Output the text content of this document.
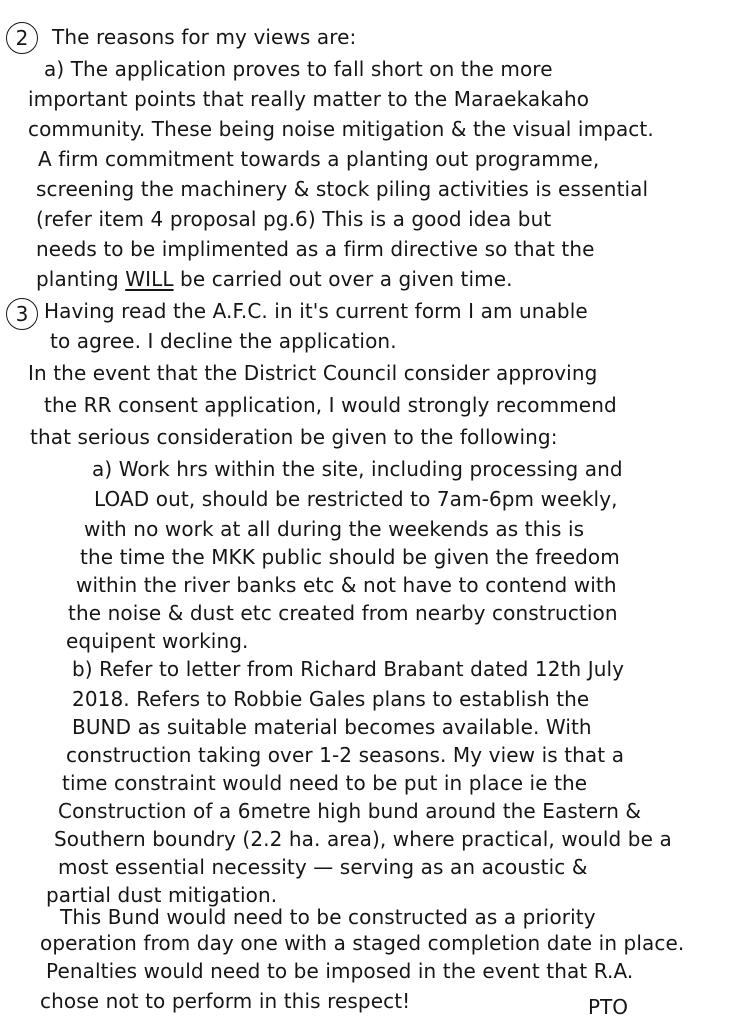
2	The reasons for my views are:
a) The application proves to fall short on the more
important points that really matter to the Maraekakaho
community. These being noise mitigation & the visual impact.
A firm commitment towards a planting out programme,
screening the machinery & stock piling activities is essential
(refer item 4 proposal pg.6) This is a good idea but
needs to be implimented as a firm directive so that the
planting WILL be carried out over a given time.
3 Having read the A.F.C. in it's current form I am unable
to agree. I decline the application.
In the event that the District Council consider approving
the RR consent application, I would strongly recommend
that serious consideration be given to the following:
a) Work hrs within the site, including processing and
LOAD out, should be restricted to 7am-6pm weekly,
with no work at all during the weekends as this is
the time the MKK public should be given the freedom
within the river banks etc & not have to contend with
the noise & dust etc created from nearby construction
equipent working.
b) Refer to letter from Richard Brabant dated 12th July
2018. Refers to Robbie Gales plans to establish the
BUND as suitable material becomes available. With
construction taking over 1-2 seasons. My view is that a
time constraint would need to be put in place ie the
Construction of a 6metre high bund around the Eastern &
Southern boundry (2.2 ha. area), where practical, would be a
most essential necessity — serving as an acoustic &
partial dust mitigation.
This Bund would need to be constructed as a priority
operation from day one with a staged completion date in place.
Penalties would need to be imposed in the event that R.A.
chose not to perform in this respect!	PTO
